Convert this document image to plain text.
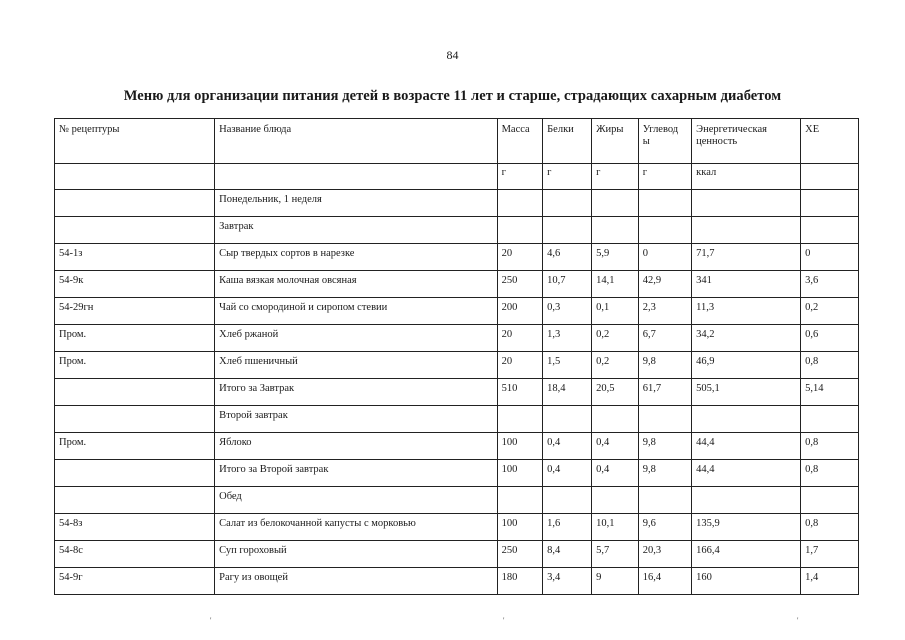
84
Меню для организации питания детей в возрасте 11 лет и старше, страдающих сахарным диабетом
№ рецептуры	Название блюда	Масса	Белки	Жиры	Углевод ы	Энергетическая ценность	ХЕ
		г	г	г	г	ккал	
	Понедельник, 1 неделя						
	Завтрак						
54-1з	Сыр твердых сортов в нарезке	20	4,6	5,9	0	71,7	0
54-9к	Каша вязкая молочная овсяная	250	10,7	14,1	42,9	341	3,6
54-29гн	Чай со смородиной и сиропом стевии	200	0,3	0,1	2,3	11,3	0,2
Пром.	Хлеб ржаной	20	1,3	0,2	6,7	34,2	0,6
Пром.	Хлеб пшеничный	20	1,5	0,2	9,8	46,9	0,8
	Итого за Завтрак	510	18,4	20,5	61,7	505,1	5,14
	Второй завтрак						
Пром.	Яблоко	100	0,4	0,4	9,8	44,4	0,8
	Итого за Второй завтрак	100	0,4	0,4	9,8	44,4	0,8
	Обед						
54-8з	Салат из белокочанной капусты с морковью	100	1,6	10,1	9,6	135,9	0,8
54-8с	Суп гороховый	250	8,4	5,7	20,3	166,4	1,7
54-9г	Рагу из овощей	180	3,4	9	16,4	160	1,4
'	'	'
